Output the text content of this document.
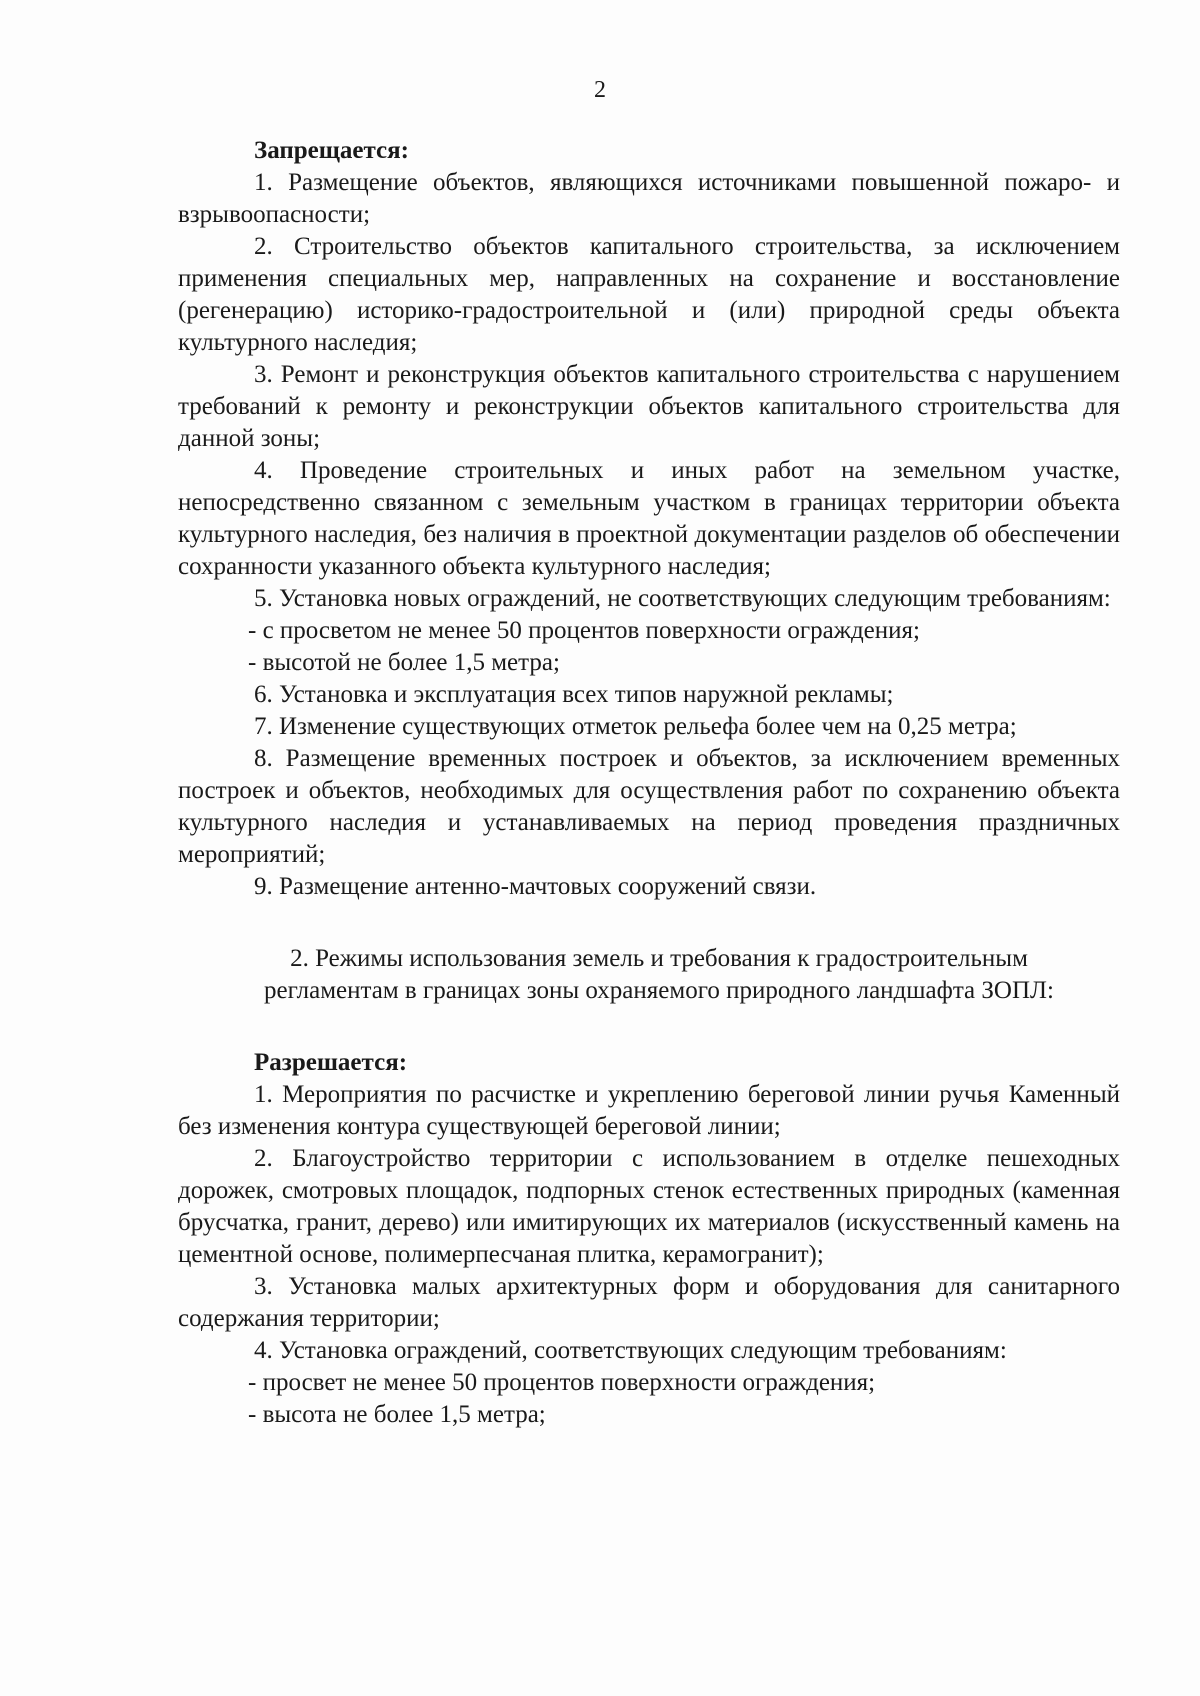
2

Запрещается:

1. Размещение объектов, являющихся источниками повышенной пожаро- и взрывоопасности;

2. Строительство объектов капитального строительства, за исключением применения специальных мер, направленных на сохранение и восстановление (регенерацию) историко-градостроительной и (или) природной среды объекта культурного наследия;

3. Ремонт и реконструкция объектов капитального строительства с нарушением требований к ремонту и реконструкции объектов капитального строительства для данной зоны;

4. Проведение строительных и иных работ на земельном участке, непосредственно связанном с земельным участком в границах территории объекта культурного наследия, без наличия в проектной документации разделов об обеспечении сохранности указанного объекта культурного наследия;

5. Установка новых ограждений, не соответствующих следующим требованиям:

- с просветом не менее 50 процентов поверхности ограждения;

- высотой не более 1,5 метра;

6. Установка и эксплуатация всех типов наружной рекламы;

7. Изменение существующих отметок рельефа более чем на 0,25 метра;

8. Размещение временных построек и объектов, за исключением временных построек и объектов, необходимых для осуществления работ по сохранению объекта культурного наследия и устанавливаемых на период проведения праздничных мероприятий;

9. Размещение антенно-мачтовых сооружений связи.

2. Режимы использования земель и требования к градостроительным

регламентам в границах зоны охраняемого природного ландшафта ЗОПЛ:

Разрешается:

1. Мероприятия по расчистке и укреплению береговой линии ручья Каменный без изменения контура существующей береговой линии;

2. Благоустройство территории с использованием в отделке пешеходных дорожек, смотровых площадок, подпорных стенок естественных природных (каменная брусчатка, гранит, дерево) или имитирующих их материалов (искусственный камень на цементной основе, полимерпесчаная плитка, керамогранит);

3. Установка малых архитектурных форм и оборудования для санитарного содержания территории;

4. Установка ограждений, соответствующих следующим требованиям:

- просвет не менее 50 процентов поверхности ограждения;

- высота не более 1,5 метра;
